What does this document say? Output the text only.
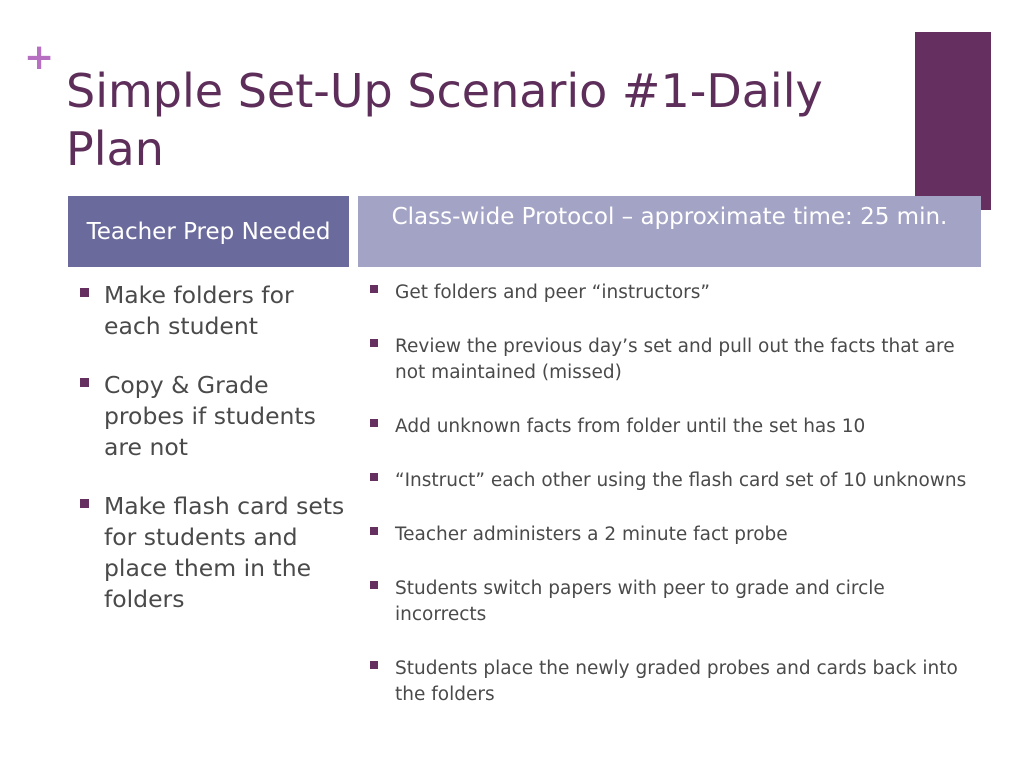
+
Simple Set-Up Scenario #1-Daily Plan
Teacher Prep Needed
Class-wide Protocol – approximate time: 25 min.
Make folders for each student
Copy & Grade probes if students are not
Make flash card sets for students and place them in the folders
Get folders and peer “instructors”
Review the previous day’s set and pull out the facts that are not maintained (missed)
Add unknown facts from folder until the set has 10
“Instruct” each other using the flash card set of 10 unknowns
Teacher administers a 2 minute fact probe
Students switch papers with peer to grade and circle incorrects
Students place the newly graded probes and cards back into the folders
